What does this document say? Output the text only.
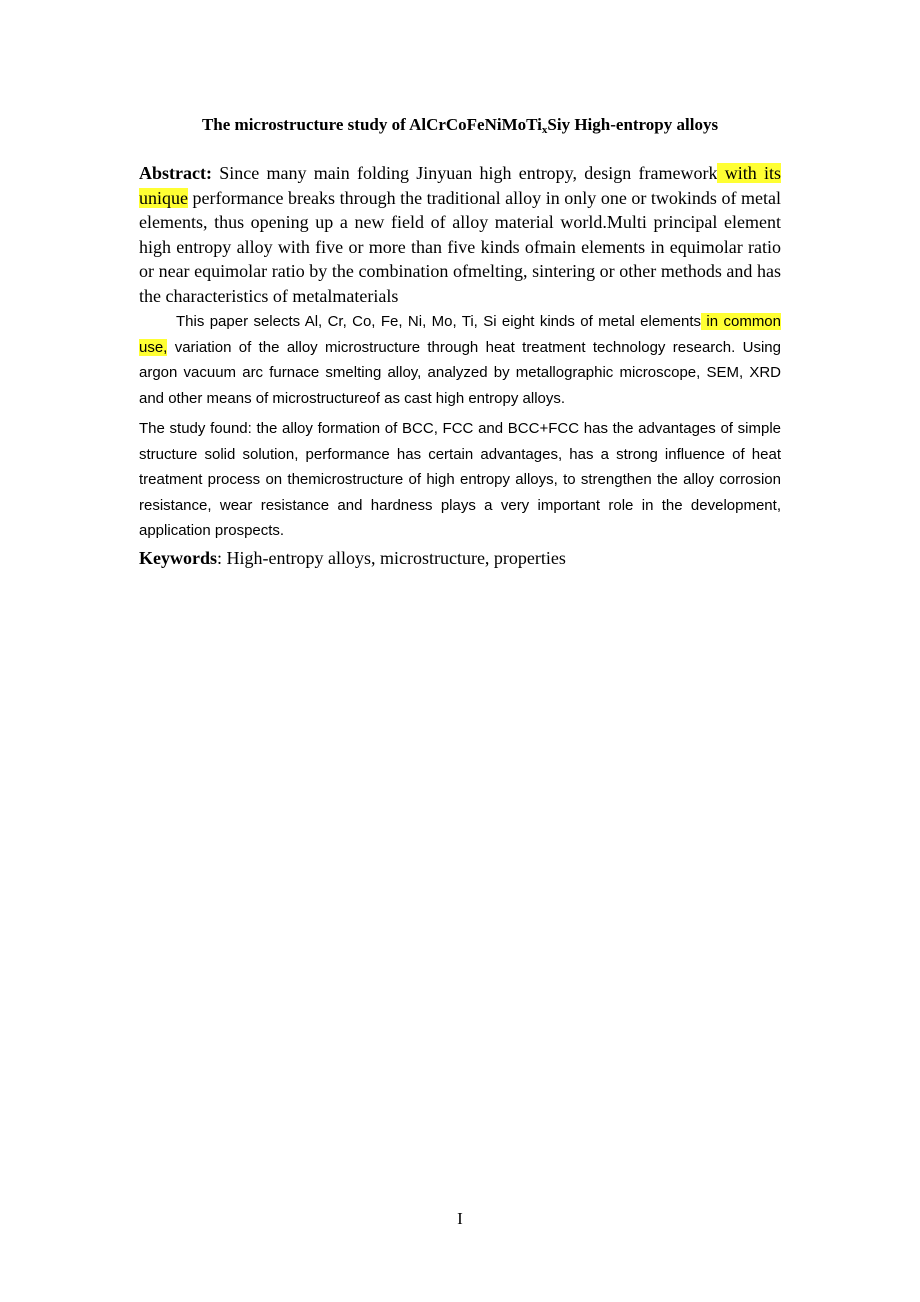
The microstructure study of AlCrCoFeNiMoTi$_x$Siy High-entropy alloys

Abstract: Since many main folding Jinyuan high entropy, design framework with its unique performance breaks through the traditional alloy in only one or twokinds of metal elements, thus opening up a new field of alloy material world.Multi principal element high entropy alloy with five or more than five kinds ofmain elements in equimolar ratio or near equimolar ratio by the combination ofmelting, sintering or other methods and has the characteristics of metalmaterials

This paper selects Al, Cr, Co, Fe, Ni, Mo, Ti, Si eight kinds of metal elements in common use, variation of the alloy microstructure through heat treatment technology research. Using argon vacuum arc furnace smelting alloy, analyzed by metallographic microscope, SEM, XRD and other means of microstructureof as cast high entropy alloys.

The study found: the alloy formation of BCC, FCC and BCC+FCC has the advantages of simple structure solid solution, performance has certain advantages, has a strong influence of heat treatment process on themicrostructure of high entropy alloys, to strengthen the alloy corrosion resistance, wear resistance and hardness plays a very important role in the development, application prospects.

Keywords: High-entropy alloys, microstructure, properties

I
